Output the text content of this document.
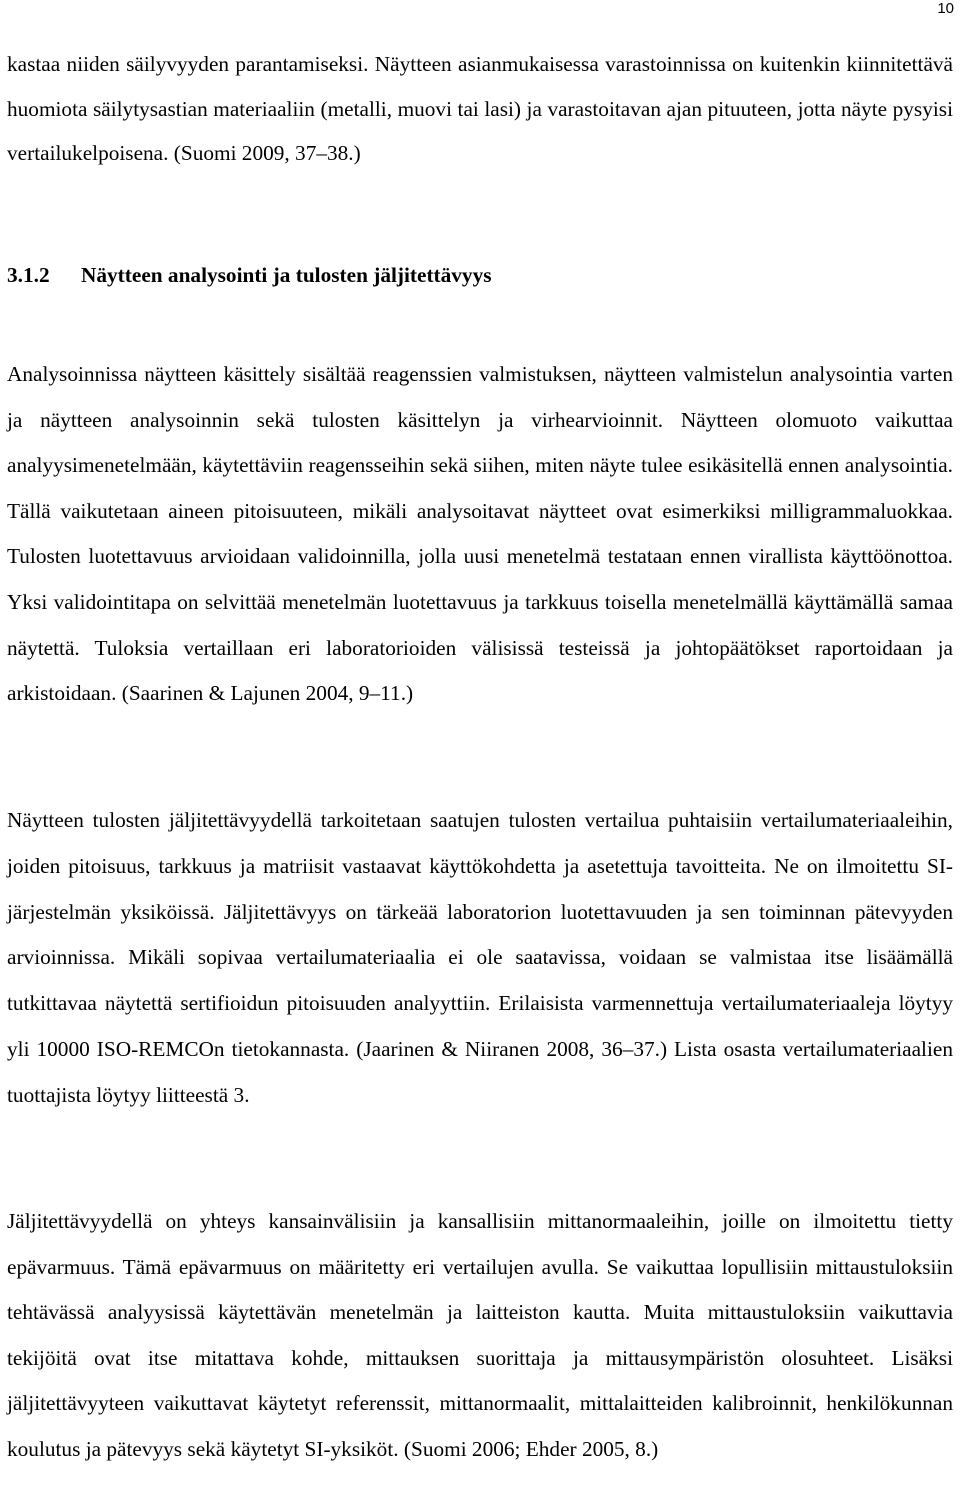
10

kastaa niiden säilyvyyden parantamiseksi. Näytteen asianmukaisessa varastoinnissa on kuitenkin kiinnitettävä huomiota säilytysastian materiaaliin (metalli, muovi tai lasi) ja varastoitavan ajan pituuteen, jotta näyte pysyisi vertailukelpoisena. (Suomi 2009, 37–38.)

3.1.2 Näytteen analysointi ja tulosten jäljitettävyys

Analysoinnissa näytteen käsittely sisältää reagenssien valmistuksen, näytteen valmistelun analysointia varten ja näytteen analysoinnin sekä tulosten käsittelyn ja virhearvioinnit. Näytteen olomuoto vaikuttaa analyysimenetelmään, käytettäviin reagensseihin sekä siihen, miten näyte tulee esikäsitellä ennen analysointia. Tällä vaikutetaan aineen pitoisuuteen, mikäli analysoitavat näytteet ovat esimerkiksi milligrammaluokkaa. Tulosten luotettavuus arvioidaan validoinnilla, jolla uusi menetelmä testataan ennen virallista käyttöönottoa. Yksi validointitapa on selvittää menetelmän luotettavuus ja tarkkuus toisella menetelmällä käyttämällä samaa näytettä. Tuloksia vertaillaan eri laboratorioiden välisissä testeissä ja johtopäätökset raportoidaan ja arkistoidaan. (Saarinen & Lajunen 2004, 9–11.)

Näytteen tulosten jäljitettävyydellä tarkoitetaan saatujen tulosten vertailua puhtaisiin vertailumateriaaleihin, joiden pitoisuus, tarkkuus ja matriisit vastaavat käyttökohdetta ja asetettuja tavoitteita. Ne on ilmoitettu SI-järjestelmän yksiköissä. Jäljitettävyys on tärkeää laboratorion luotettavuuden ja sen toiminnan pätevyyden arvioinnissa. Mikäli sopivaa vertailumateriaalia ei ole saatavissa, voidaan se valmistaa itse lisäämällä tutkittavaa näytettä sertifioidun pitoisuuden analyyttiin. Erilaisista varmennettuja vertailumateriaaleja löytyy yli 10000 ISO-REMCOn tietokannasta. (Jaarinen & Niiranen 2008, 36–37.) Lista osasta vertailumateriaalien tuottajista löytyy liitteestä 3.

Jäljitettävyydellä on yhteys kansainvälisiin ja kansallisiin mittanormaaleihin, joille on ilmoitettu tietty epävarmuus. Tämä epävarmuus on määritetty eri vertailujen avulla. Se vaikuttaa lopullisiin mittaustuloksiin tehtävässä analyysissä käytettävän menetelmän ja laitteiston kautta. Muita mittaustuloksiin vaikuttavia tekijöitä ovat itse mitattava kohde, mittauksen suorittaja ja mittausympäristön olosuhteet. Lisäksi jäljitettävyyteen vaikuttavat käytetyt referenssit, mittanormaalit, mittalaitteiden kalibroinnit, henkilökunnan koulutus ja pätevyys sekä käytetyt SI-yksiköt. (Suomi 2006; Ehder 2005, 8.)
